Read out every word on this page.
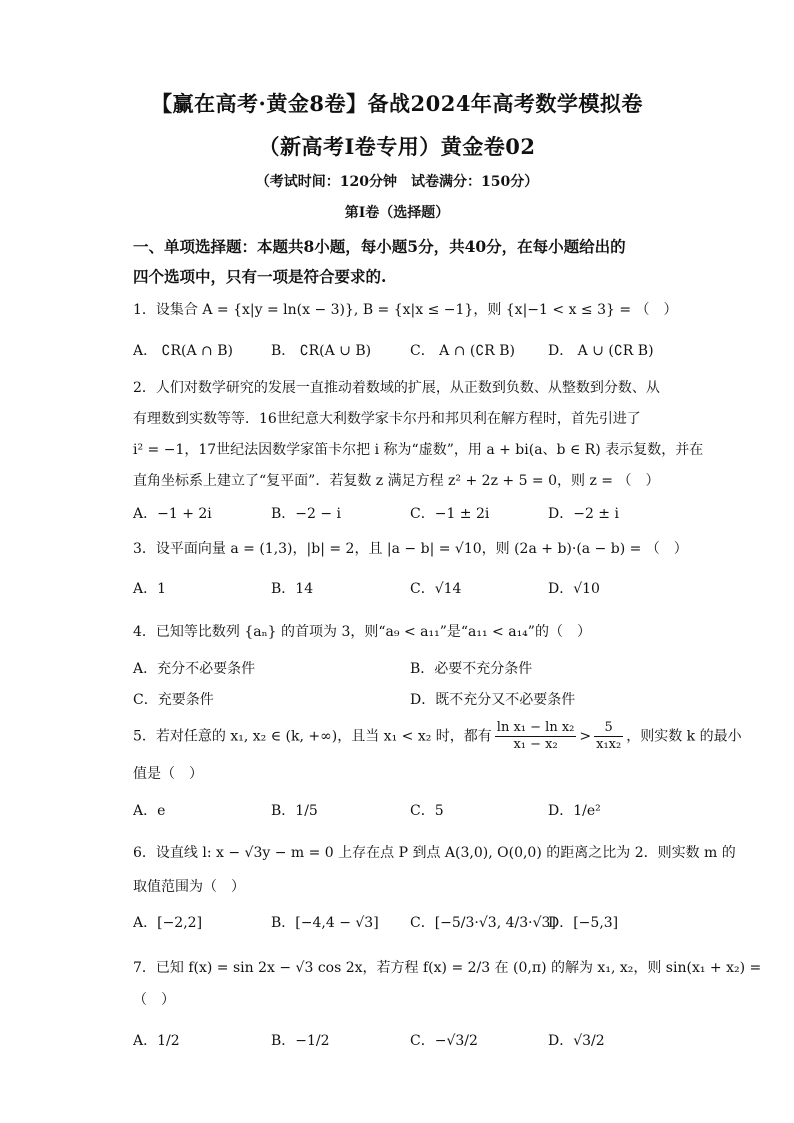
【赢在高考·黄金8卷】备战2024年高考数学模拟卷
（新高考Ⅰ卷专用）黄金卷02
（考试时间：120分钟　试卷满分：150分）
第Ⅰ卷（选择题）
一、单项选择题：本题共8小题，每小题5分，共40分，在每小题给出的
四个选项中，只有一项是符合要求的.
1．设集合 A = {x|y = ln(x − 3)}, B = {x|x ≤ −1}，则 {x|−1 < x ≤ 3} = （　）
A． ∁R(A ∩ B)	B． ∁R(A ∪ B)	C． A ∩ (∁R B) D． A ∪ (∁R B)
2．人们对数学研究的发展一直推动着数域的扩展，从正数到负数、从整数到分数、从
有理数到实数等等．16世纪意大利数学家卡尔丹和邦贝利在解方程时，首先引进了
i² = −1，17世纪法因数学家笛卡尔把 i 称为“虚数”，用 a + bi(a、b ∈ R) 表示复数，并在
直角坐标系上建立了“复平面”．若复数 z 满足方程 z² + 2z + 5 = 0，则 z = （　）
A．−1 + 2i	B．−2 − i	C．−1 ± 2i	D．−2 ± i
3．设平面向量 a = (1,3)，|b| = 2，且 |a − b| = √10，则 (2a + b)·(a − b) = （　）
A．1	B．14	C．√14	D．√10
4．已知等比数列 {aₙ} 的首项为 3，则“a₉ < a₁₁”是“a₁₁ < a₁₄”的（　）
A．充分不必要条件	B．必要不充分条件
C．充要条件	D．既不充分又不必要条件
5．若对任意的 x₁, x₂ ∈ (k, +∞)，且当 x₁ < x₂ 时，都有 $\frac{\text{ln x₁ − ln x₂}}{\text{x₁ − x₂}} > \frac{5}{\text{x₁x₂}}$ ，则实数 k 的最小
值是（　）
A．e	B．1/5	C．5	D．1/e²
6．设直线 l: x − √3y − m = 0 上存在点 P 到点 A(3,0), O(0,0) 的距离之比为 2．则实数 m 的
取值范围为（　）
A．[−2,2]	B．[−4,4 − √3] C．[−5/3·√3, 4/3·√3]
D．[−5,3]
7．已知 f(x) = sin 2x − √3 cos 2x，若方程 f(x) = 2/3 在 (0,π) 的解为 x₁, x₂，则 sin(x₁ + x₂) =
（　）
A．1/2	B．−1/2	C．−√3/2	D．√3/2
